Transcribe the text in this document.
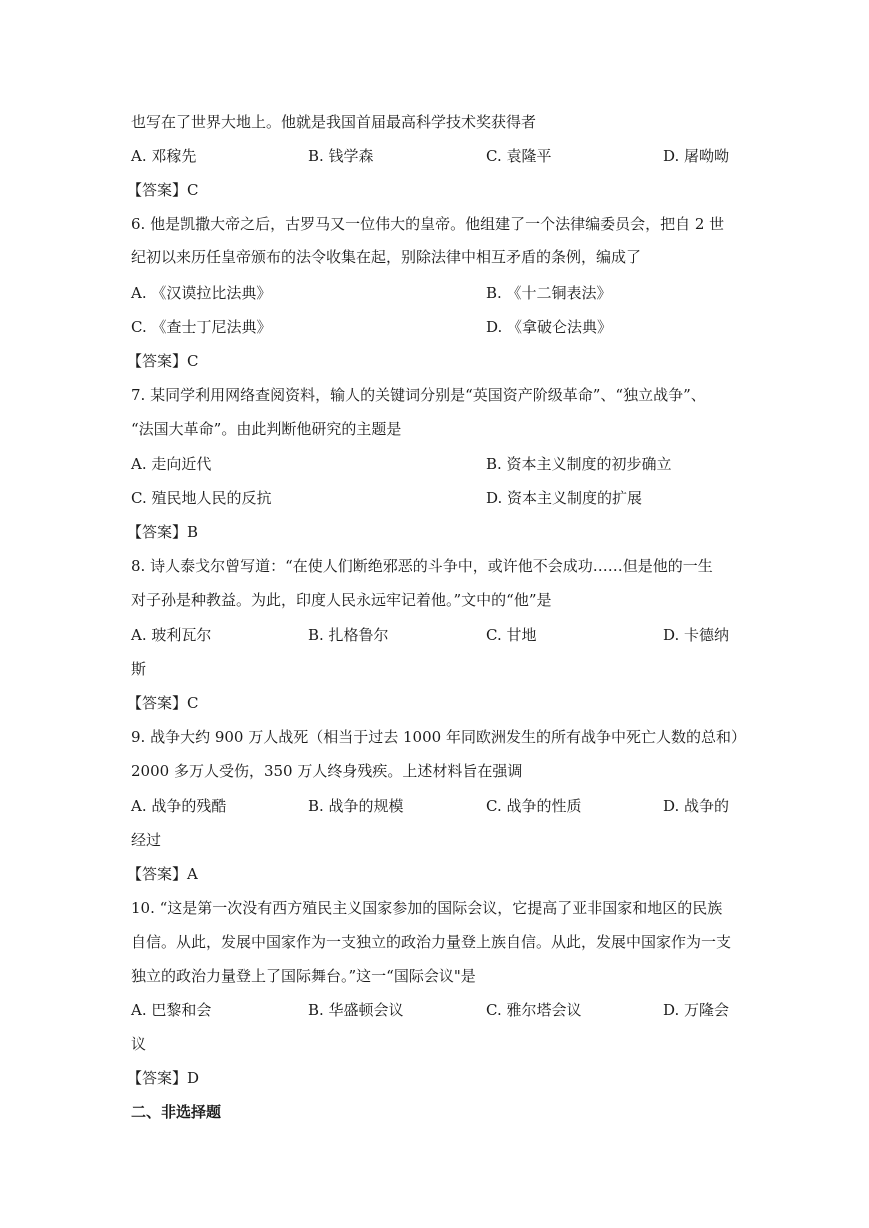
也写在了世界大地上。他就是我国首届最高科学技术奖获得者
A. 邓稼先	B. 钱学森	C. 袁隆平	D. 屠呦呦
【答案】C
6. 他是凯撒大帝之后，古罗马又一位伟大的皇帝。他组建了一个法律编委员会，把自 2 世
纪初以来历任皇帝颁布的法令收集在起，别除法律中相互矛盾的条例，编成了
A. 《汉谟拉比法典》	B. 《十二铜表法》
C. 《查士丁尼法典》	D. 《拿破仑法典》
【答案】C
7. 某同学利用网络查阅资料，输人的关键词分别是“英国资产阶级革命”、“独立战争”、
“法国大革命”。由此判断他研究的主题是
A. 走向近代	B. 资本主义制度的初步确立
C. 殖民地人民的反抗	D. 资本主义制度的扩展
【答案】B
8. 诗人泰戈尔曾写道：“在使人们断绝邪恶的斗争中，或许他不会成功……但是他的一生
对子孙是种教益。为此，印度人民永远牢记着他。”文中的“他”是
A. 玻利瓦尔	B. 扎格鲁尔	C. 甘地	D. 卡德纳
斯
【答案】C
9. 战争大约 900 万人战死（相当于过去 1000 年同欧洲发生的所有战争中死亡人数的总和）
2000 多万人受伤，350 万人终身残疾。上述材料旨在强调
A. 战争的残酷	B. 战争的规模	C. 战争的性质	D. 战争的
经过
【答案】A
10. “这是第一次没有西方殖民主义国家参加的国际会议，它提高了亚非国家和地区的民族
自信。从此，发展中国家作为一支独立的政治力量登上族自信。从此，发展中国家作为一支
独立的政治力量登上了国际舞台。”这一“国际会议"是
A. 巴黎和会	B. 华盛顿会议	C. 雅尔塔会议	D. 万隆会
议
【答案】D
二、非选择题
